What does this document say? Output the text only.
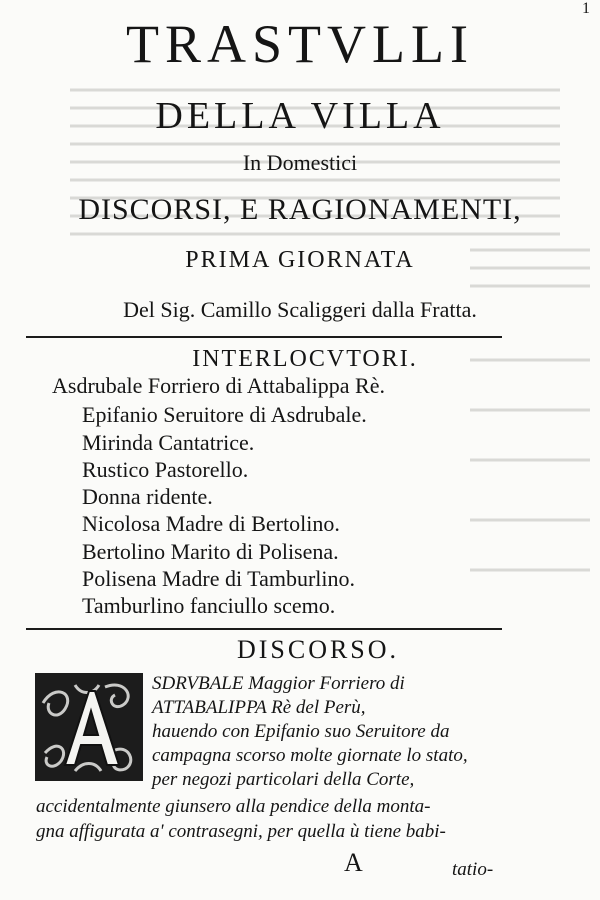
1
TRASTVLLI
DELLA VILLA
In Domestici
DISCORSI, E RAGIONAMENTI,
PRIMA GIORNATA
Del Sig. Camillo Scaliggeri dalla Fratta.
INTERLOCVTORI.
Asdrubale Forriero di Attabalippa Rè.
Epifanio Seruitore di Asdrubale.
Mirinda Cantatrice.
Rustico Pastorello.
Donna ridente.
Nicolosa Madre di Bertolino.
Bertolino Marito di Polisena.
Polisena Madre di Tamburlino.
Tamburlino fanciullo scemo.
DISCORSO.
SDRVBALE Maggior Forriero di
ATTABALIPPA Rè del Perù,
hauendo con Epifanio suo Seruitore da
campagna scorso molte giornate lo stato,
per negozi particolari della Corte,
accidentalmente giunsero alla pendice della monta-
gna affigurata a' contrasegni, per quella ù tiene babi-
A	tatio-
